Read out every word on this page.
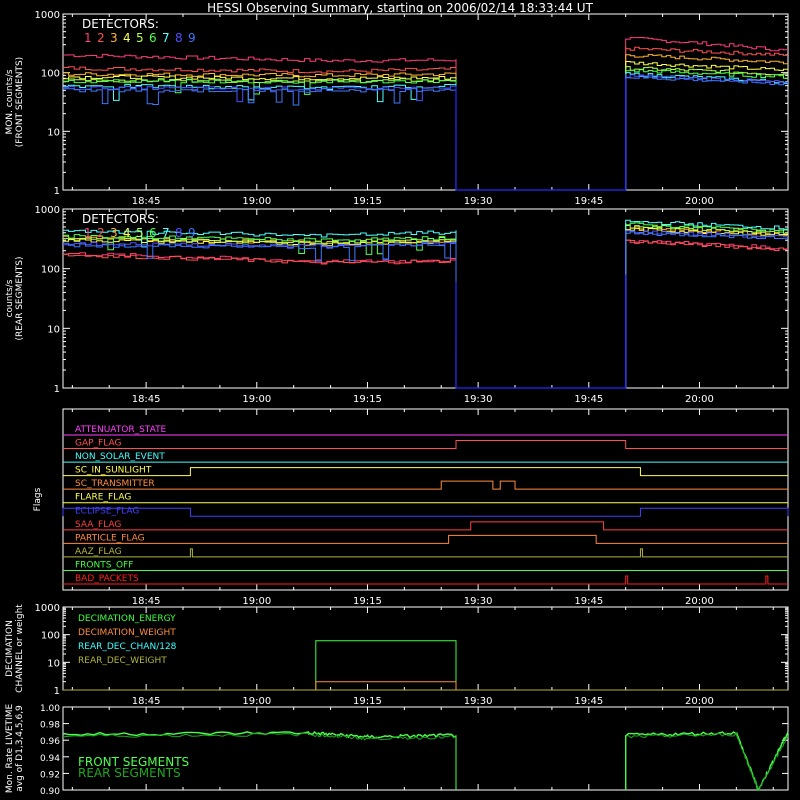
HESSI Observing Summary, starting on 2006/02/14 18:33:44 UT
18:45	19:00	19:15	19:30	19:45	20:00
1
10
100
1000
MON. counts/s (FRONT SEGMENTS)
DETECTORS:
1 2 3 4 5 6 7 8 9
18:45	19:00	19:15	19:30	19:45	20:00
1
10
100
1000
counts/s (REAR SEGMENTS)
DETECTORS:
1 2 3 4 5 6 7 8 9
18:45	19:00	19:15	19:30	19:45	20:00
Flags
ATTENUATOR_STATE
GAP_FLAG
NON_SOLAR_EVENT
SC_IN_SUNLIGHT
SC_TRANSMITTER
FLARE_FLAG
ECLIPSE_FLAG
SAA_FLAG
PARTICLE_FLAG
AAZ_FLAG
FRONTS_OFF
BAD_PACKETS
18:45	19:00	19:15	19:30	19:45	20:00
1
10
100
1000
DECIMATION CHANNEL or weight	DECIMATION_ENERGY
DECIMATION_WEIGHT
REAR_DEC_CHAN/128
REAR_DEC_WEIGHT
Mon. Rate LIVETIME avg of D1,3,4,5,6,9
0.90
0.92
0.94
0.96
0.98
1.00
FRONT SEGMENTS
REAR SEGMENTS
